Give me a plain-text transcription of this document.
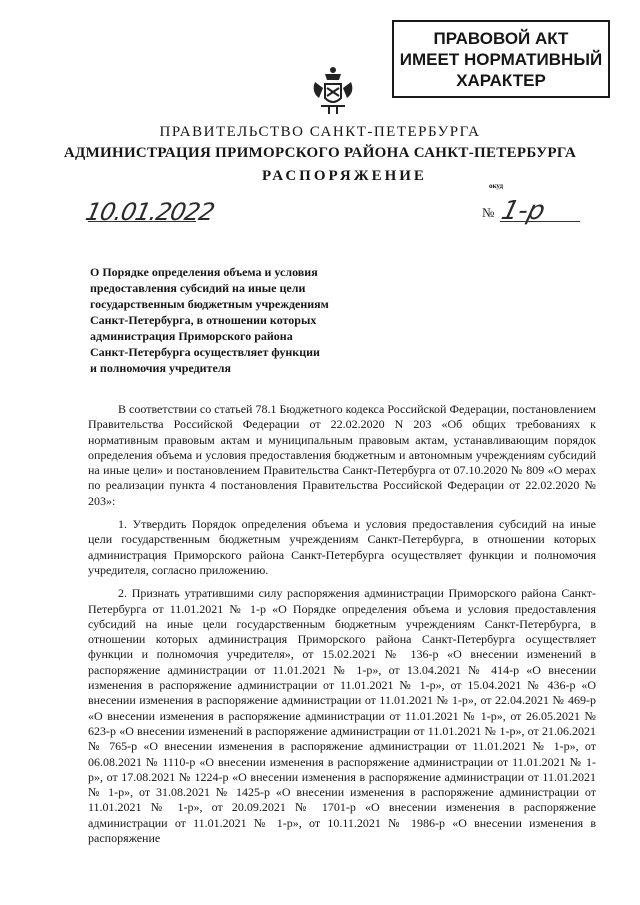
ПРАВОВОЙ АКТ
ИМЕЕТ НОРМАТИВНЫЙ
ХАРАКТЕР
ПРАВИТЕЛЬСТВО САНКТ-ПЕТЕРБУРГА
АДМИНИСТРАЦИЯ ПРИМОРСКОГО РАЙОНА САНКТ-ПЕТЕРБУРГА
РАСПОРЯЖЕНИЕ
окуд
10.01.2022	№ 1-р
О Порядке определения объема и условия
предоставления субсидий на иные цели
государственным бюджетным учреждениям
Санкт-Петербурга, в отношении которых
администрация Приморского района
Санкт-Петербурга осуществляет функции
и полномочия учредителя

В соответствии со статьей 78.1 Бюджетного кодекса Российской Федерации, постановлением Правительства Российской Федерации от 22.02.2020 N 203 «Об общих требованиях к нормативным правовым актам и муниципальным правовым актам, устанавливающим порядок определения объема и условия предоставления бюджетным и автономным учреждениям субсидий на иные цели» и постановлением Правительства Санкт-Петербурга от 07.10.2020 № 809 «О мерах по реализации пункта 4 постановления Правительства Российской Федерации от 22.02.2020 № 203»:

1. Утвердить Порядок определения объема и условия предоставления субсидий на иные цели государственным бюджетным учреждениям Санкт-Петербурга, в отношении которых администрация Приморского района Санкт-Петербурга осуществляет функции и полномочия учредителя, согласно приложению.

2. Признать утратившими силу распоряжения администрации Приморского района Санкт-Петербурга от 11.01.2021 № 1-р «О Порядке определения объема и условия предоставления субсидий на иные цели государственным бюджетным учреждениям Санкт-Петербурга, в отношении которых администрация Приморского района Санкт-Петербурга осуществляет функции и полномочия учредителя», от 15.02.2021 № 136-р «О внесении изменений в распоряжение администрации от 11.01.2021 № 1-р», от 13.04.2021 № 414-р «О внесении изменения в распоряжение администрации от 11.01.2021 № 1-р», от 15.04.2021 № 436-р «О внесении изменения в распоряжение администрации от 11.01.2021 № 1-р», от 22.04.2021 № 469-р «О внесении изменения в распоряжение администрации от 11.01.2021 № 1-р», от 26.05.2021 № 623-р «О внесении изменений в распоряжение администрации от 11.01.2021 № 1-р», от 21.06.2021 № 765-р «О внесении изменения в распоряжение администрации от 11.01.2021 № 1-р», от 06.08.2021 № 1110-р «О внесении изменения в распоряжение администрации от 11.01.2021 № 1-р», от 17.08.2021 № 1224-р «О внесении изменения в распоряжение администрации от 11.01.2021 № 1-р», от 31.08.2021 № 1425-р «О внесении изменения в распоряжение администрации от 11.01.2021 № 1-р», от 20.09.2021 № 1701-р «О внесении изменения в распоряжение администрации от 11.01.2021 № 1-р», от 10.11.2021 № 1986-р «О внесении изменения в распоряжение
